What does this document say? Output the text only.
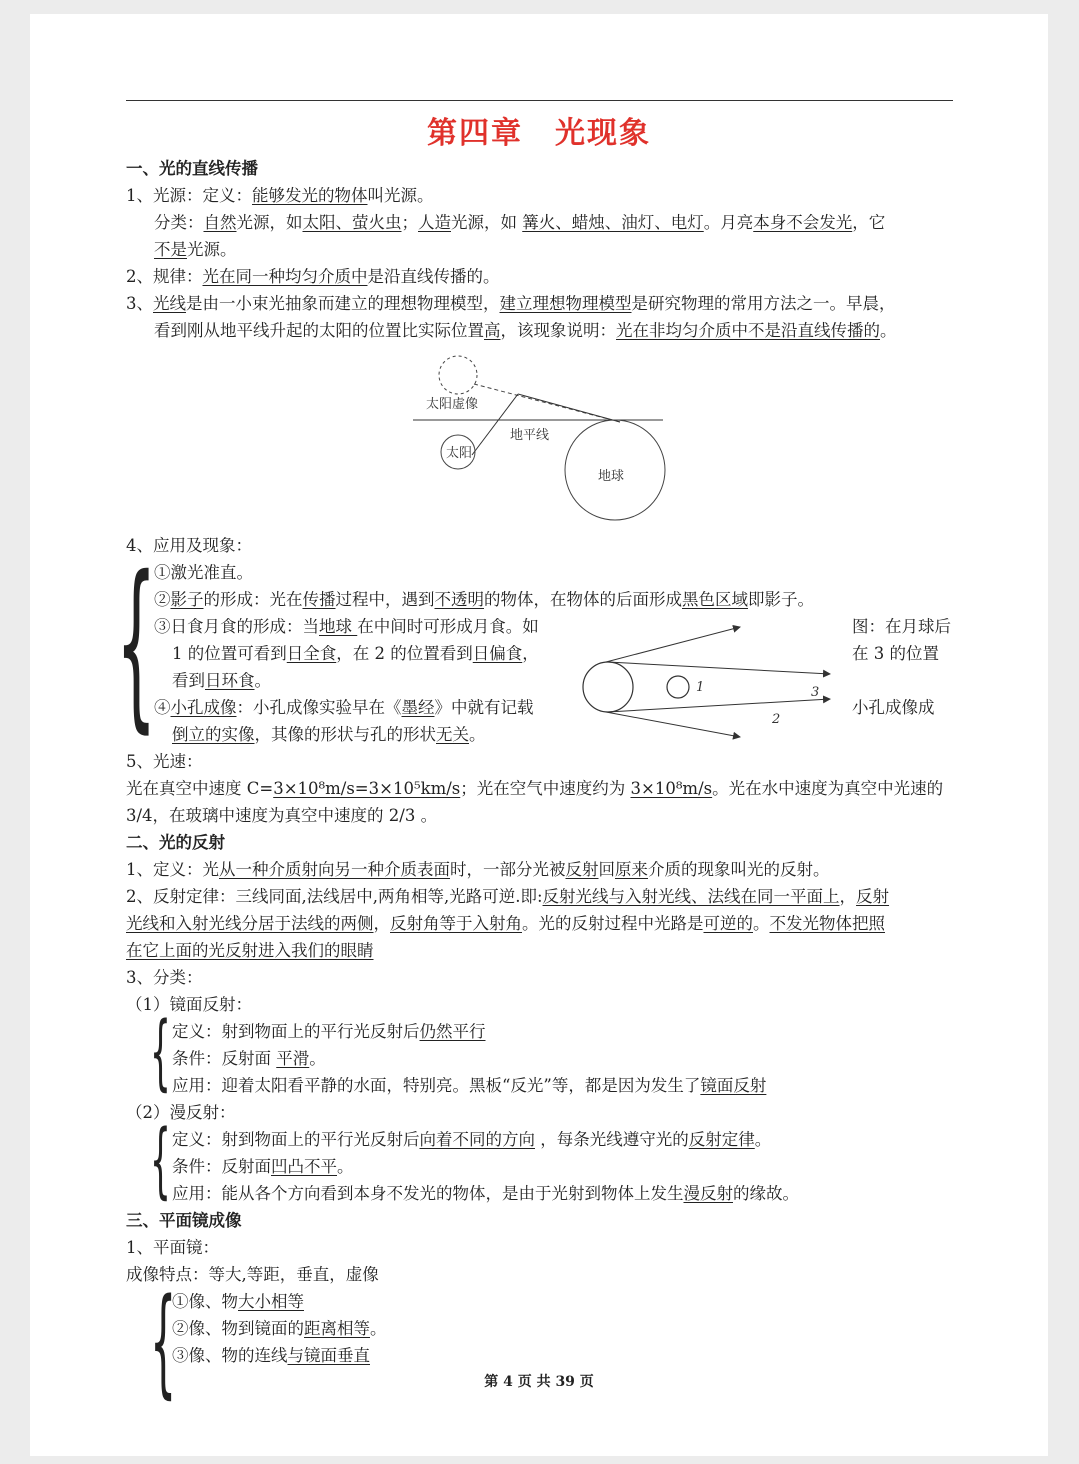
第四章　光现象
一、光的直线传播
1、光源：定义：能够发光的物体叫光源。
分类：自然光源，如太阳、萤火虫；人造光源，如 篝火、蜡烛、油灯、电灯。月亮本身不会发光，它
不是光源。
2、规律：光在同一种均匀介质中是沿直线传播的。
3、光线是由一小束光抽象而建立的理想物理模型，建立理想物理模型是研究物理的常用方法之一。早晨，
看到刚从地平线升起的太阳的位置比实际位置高，该现象说明：光在非均匀介质中不是沿直线传播的。
太阳虚像
地平线
太阳
地球
4、应用及现象：
{
①激光准直。
②影子的形成：光在传播过程中，遇到不透明的物体，在物体的后面形成黑色区域即影子。
③日食月食的形成：当地球 在中间时可形成月食。如	图：在月球后
1 的位置可看到日全食，在 2 的位置看到日偏食，	在 3 的位置
看到日环食。
④小孔成像：小孔成像实验早在《墨经》中就有记载	小孔成像成
倒立的实像，其像的形状与孔的形状无关。
1
2
3
5、光速：
光在真空中速度 C=3×10⁸m/s=3×10⁵km/s；光在空气中速度约为 3×10⁸m/s。光在水中速度为真空中光速的
3/4，在玻璃中速度为真空中速度的 2/3 。
二、光的反射
1、定义：光从一种介质射向另一种介质表面时，一部分光被反射回原来介质的现象叫光的反射。
2、反射定律：三线同面,法线居中,两角相等,光路可逆.即:反射光线与入射光线、法线在同一平面上，反射
光线和入射光线分居于法线的两侧，反射角等于入射角。光的反射过程中光路是可逆的。不发光物体把照
在它上面的光反射进入我们的眼睛
3、分类：
（1）镜面反射：
{ 定义：射到物面上的平行光反射后仍然平行
条件：反射面 平滑。
应用：迎着太阳看平静的水面，特别亮。黑板“反光”等，都是因为发生了镜面反射
（2）漫反射：
{ 定义：射到物面上的平行光反射后向着不同的方向 ，每条光线遵守光的反射定律。
条件：反射面凹凸不平。
应用：能从各个方向看到本身不发光的物体，是由于光射到物体上发生漫反射的缘故。
三、平面镜成像
1、平面镜：
成像特点：等大,等距，垂直，虚像
{
①像、物大小相等
②像、物到镜面的距离相等。
③像、物的连线与镜面垂直
第 4 页 共 39 页
